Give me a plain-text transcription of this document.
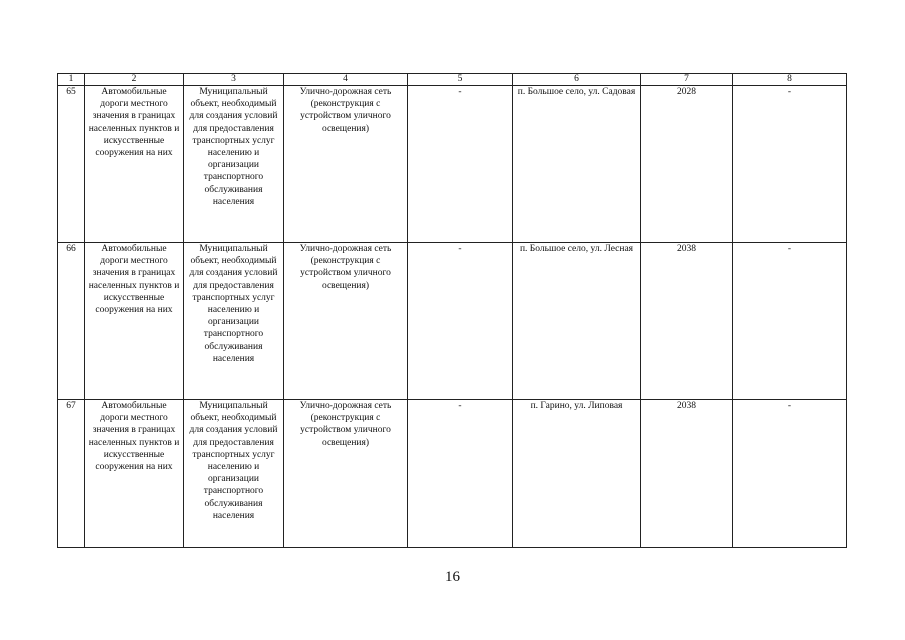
1	2	3	4	5	6	7	8
65	Автомобильные дороги местного значения в границах населенных пунктов и искусственные сооружения на них	Муниципальный объект, необходимый для создания условий для предоставления транспортных услуг населению и организации транспортного обслуживания населения	Улично-дорожная сеть (реконструкция с устройством уличного освещения)	-	п. Большое село, ул. Садовая	2028	-
66	Автомобильные дороги местного значения в границах населенных пунктов и искусственные сооружения на них	Муниципальный объект, необходимый для создания условий для предоставления транспортных услуг населению и организации транспортного обслуживания населения	Улично-дорожная сеть (реконструкция с устройством уличного освещения)	-	п. Большое село, ул. Лесная	2038	-
67	Автомобильные дороги местного значения в границах населенных пунктов и искусственные сооружения на них	Муниципальный объект, необходимый для создания условий для предоставления транспортных услуг населению и организации транспортного обслуживания населения	Улично-дорожная сеть (реконструкция с устройством уличного освещения)	-	п. Гарино, ул. Липовая	2038	-
16
